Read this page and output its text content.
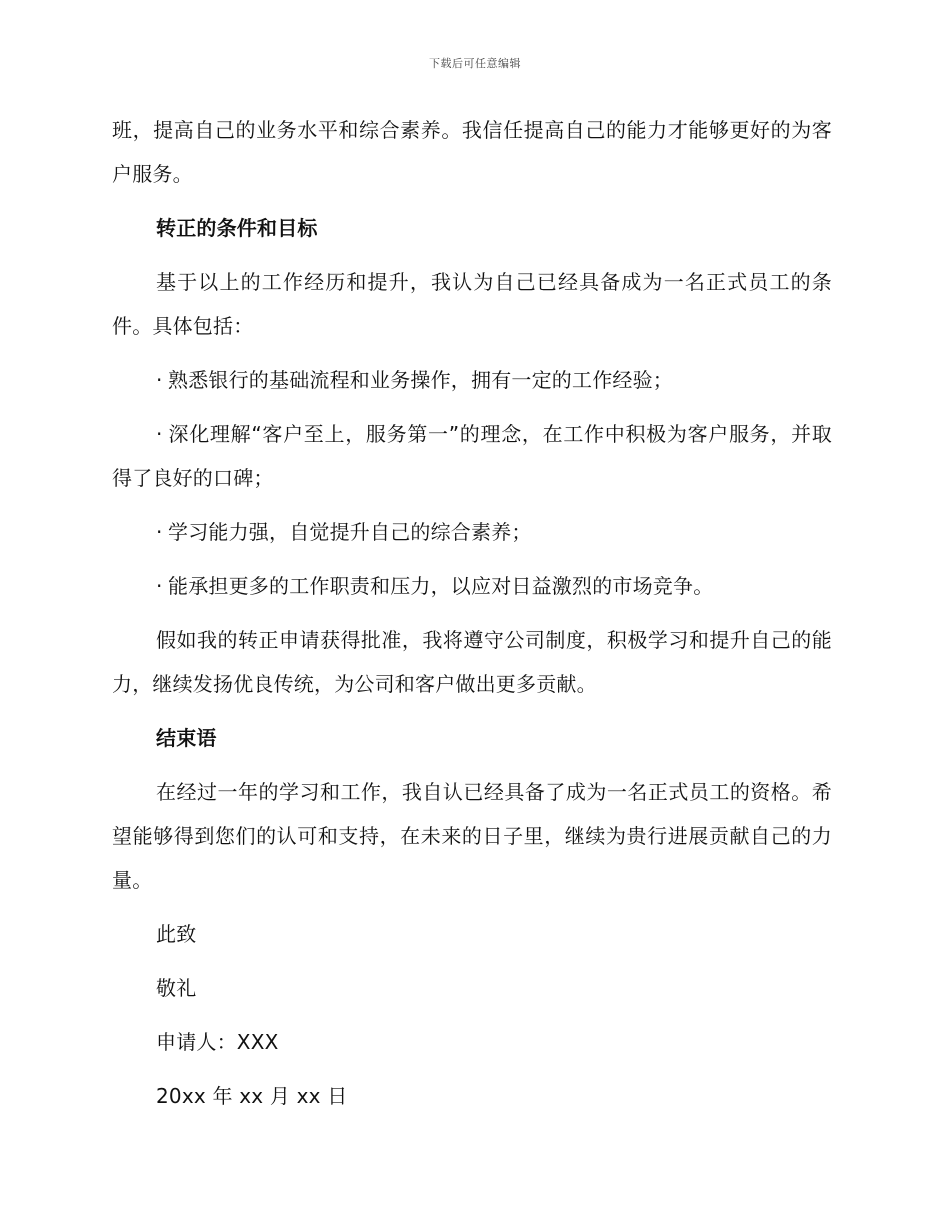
下载后可任意编辑

班，提高自己的业务水平和综合素养。我信任提高自己的能力才能够更好的为客户服务。

转正的条件和目标

基于以上的工作经历和提升，我认为自己已经具备成为一名正式员工的条件。具体包括：

· 熟悉银行的基础流程和业务操作，拥有一定的工作经验；

· 深化理解“客户至上，服务第一”的理念，在工作中积极为客户服务，并取得了良好的口碑；

· 学习能力强，自觉提升自己的综合素养；

· 能承担更多的工作职责和压力，以应对日益激烈的市场竞争。

假如我的转正申请获得批准，我将遵守公司制度，积极学习和提升自己的能力，继续发扬优良传统，为公司和客户做出更多贡献。

结束语

在经过一年的学习和工作，我自认已经具备了成为一名正式员工的资格。希望能够得到您们的认可和支持，在未来的日子里，继续为贵行进展贡献自己的力量。

此致

敬礼

申请人：XXX

20xx 年 xx 月 xx 日
